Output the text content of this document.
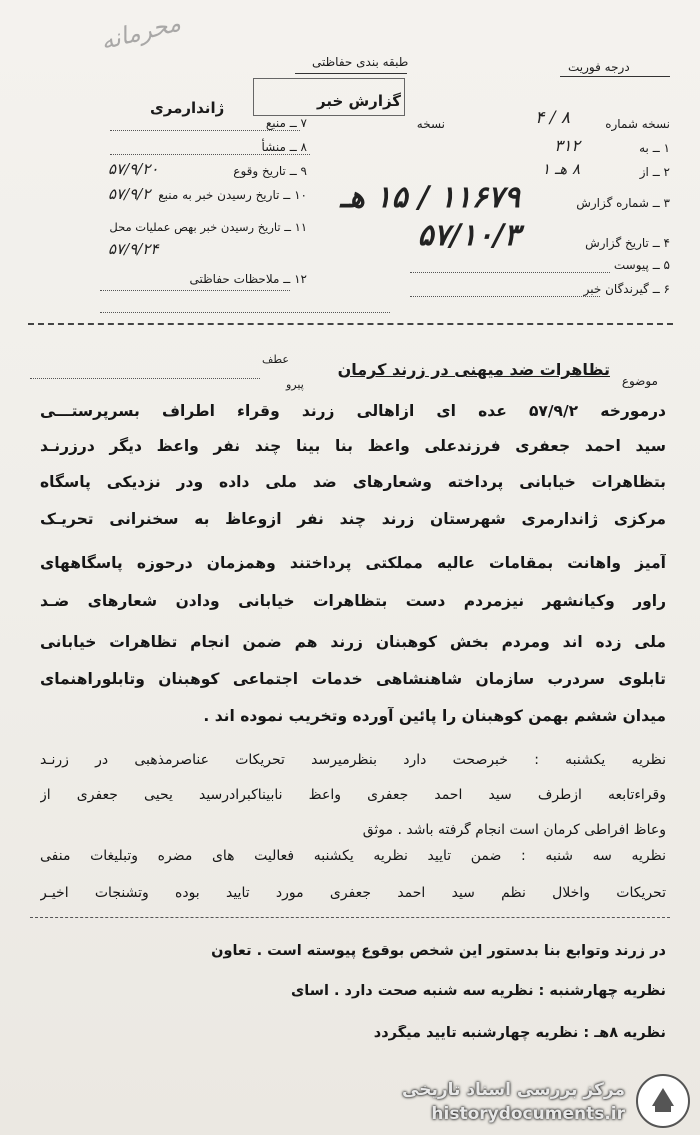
محرمانه
طبقه بندی حفاظتی	درجه فوریت
گزارش خبر
ژاندارمری
۷ ــ منبع
۸ ــ منشأ
۹ ــ تاریخ وقوع
۵۷/۹/۲۰
۱۰ ــ تاریخ رسیدن خبر به منبع
۵۷/۹/۲
۱۱ ــ تاریخ رسیدن خبر بهص عملیات محل
۵۷/۹/۲۴
۱۲ ــ ملاحظات حفاظتی
نسخه شماره
۸ / ۴
نسخه
۱ ــ به
۳۱۲
۲ ــ از
۸ هـ ۱
۳ ــ شماره گزارش
۱۱۶۷۹ / ۱۵ هـ
۴ ــ تاریخ گزارش
۵۷/۱۰/۳
۵ ــ پیوست
۶ ــ گیرندگان خبر
موضوع
تظاهرات ضد میهنی در زرند کرمان
عطف
پیرو
درمورخه ۵۷/۹/۲ عده ای ازاهالی زرند وقراء اطراف بسرپرستـــی
سید احمد جعفری فرزندعلی واعظ بنا بینا چند نفر واعظ دیگر درزرنـد
بتظاهرات خیابانی پرداخته وشعارهای ضد ملی داده ودر نزدیکی پاسگاه
مرکزی ژاندارمری شهرستان زرند چند نفر ازوعاظ به سخنرانی تحریـک
آمیز واهانت بمقامات عالیه مملکتی پرداختند وهمزمان درحوزه پاسگاههای
راور وکیانشهر نیزمردم دست بتظاهرات خیابانی ودادن شعارهای ضـد
ملی زده اند ومردم بخش کوهبنان زرند هم ضمن انجام تظاهرات خیابانی
تابلوی سردرب سازمان شاهنشاهی خدمات اجتماعی کوهبنان وتابلوراهنمای
میدان ششم بهمن کوهبنان را پائین آورده وتخریب نموده اند .
نظریه یکشنبه : خبرصحت دارد بنظرمیرسد تحریکات عناصرمذهبی در زرنـد
وقراءتابعه ازطرف سید احمد جعفری واعظ نابیناکبرادرسید یحیی جعفری از
وعاظ افراطی کرمان است انجام گرفته باشد . موثق
نظریه سه شنبه : ضمن تایید نظریه یکشنبه فعالیت های مضره وتبلیغات منفی
تحریکات واخلال نظم سید احمد جعفری مورد تایید بوده وتشنجات اخیـر
در زرند وتوابع بنا بدستور این شخص بوقوع پیوسته است . تعاون
نظریه چهارشنبه : نظریه سه شنبه صحت دارد . آسای
نظریه ۸هـ : نظریه چهارشنبه تایید میگردد
مرکز بررسی اسناد تاریخی
historydocuments.ir
